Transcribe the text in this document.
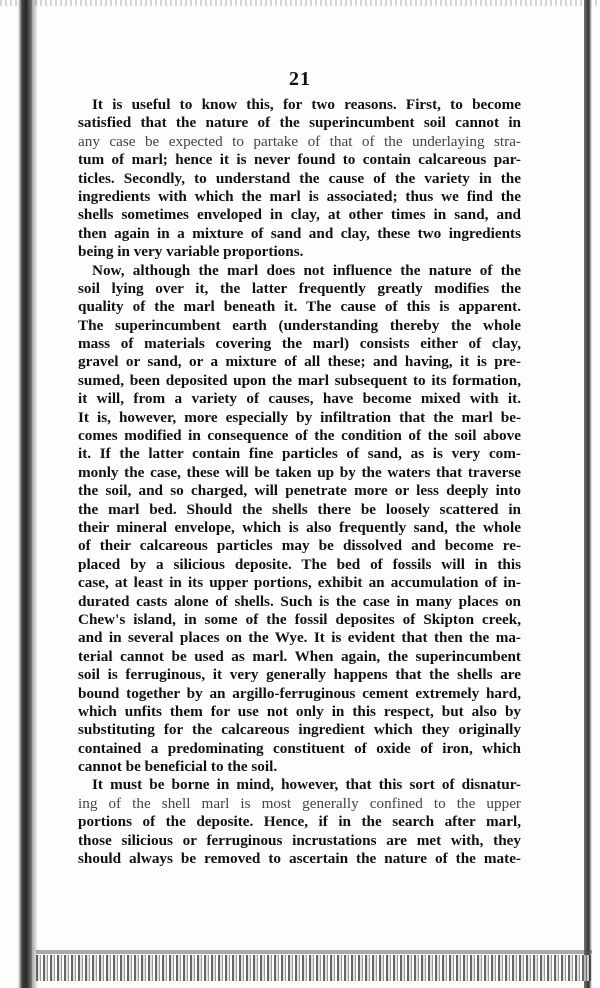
21
It is useful to know this, for two reasons. First, to become
satisfied that the nature of the superincumbent soil cannot in
any case be expected to partake of that of the underlaying stra-
tum of marl; hence it is never found to contain calcareous par-
ticles. Secondly, to understand the cause of the variety in the
ingredients with which the marl is associated; thus we find the
shells sometimes enveloped in clay, at other times in sand, and
then again in a mixture of sand and clay, these two ingredients
being in very variable proportions.
Now, although the marl does not influence the nature of the
soil lying over it, the latter frequently greatly modifies the
quality of the marl beneath it. The cause of this is apparent.
The superincumbent earth (understanding thereby the whole
mass of materials covering the marl) consists either of clay,
gravel or sand, or a mixture of all these; and having, it is pre-
sumed, been deposited upon the marl subsequent to its formation,
it will, from a variety of causes, have become mixed with it.
It is, however, more especially by infiltration that the marl be-
comes modified in consequence of the condition of the soil above
it. If the latter contain fine particles of sand, as is very com-
monly the case, these will be taken up by the waters that traverse
the soil, and so charged, will penetrate more or less deeply into
the marl bed. Should the shells there be loosely scattered in
their mineral envelope, which is also frequently sand, the whole
of their calcareous particles may be dissolved and become re-
placed by a silicious deposite. The bed of fossils will in this
case, at least in its upper portions, exhibit an accumulation of in-
durated casts alone of shells. Such is the case in many places on
Chew's island, in some of the fossil deposites of Skipton creek,
and in several places on the Wye. It is evident that then the ma-
terial cannot be used as marl. When again, the superincumbent
soil is ferruginous, it very generally happens that the shells are
bound together by an argillo-ferruginous cement extremely hard,
which unfits them for use not only in this respect, but also by
substituting for the calcareous ingredient which they originally
contained a predominating constituent of oxide of iron, which
cannot be beneficial to the soil.
It must be borne in mind, however, that this sort of disnatur-
ing of the shell marl is most generally confined to the upper
portions of the deposite. Hence, if in the search after marl,
those silicious or ferruginous incrustations are met with, they
should always be removed to ascertain the nature of the mate-
